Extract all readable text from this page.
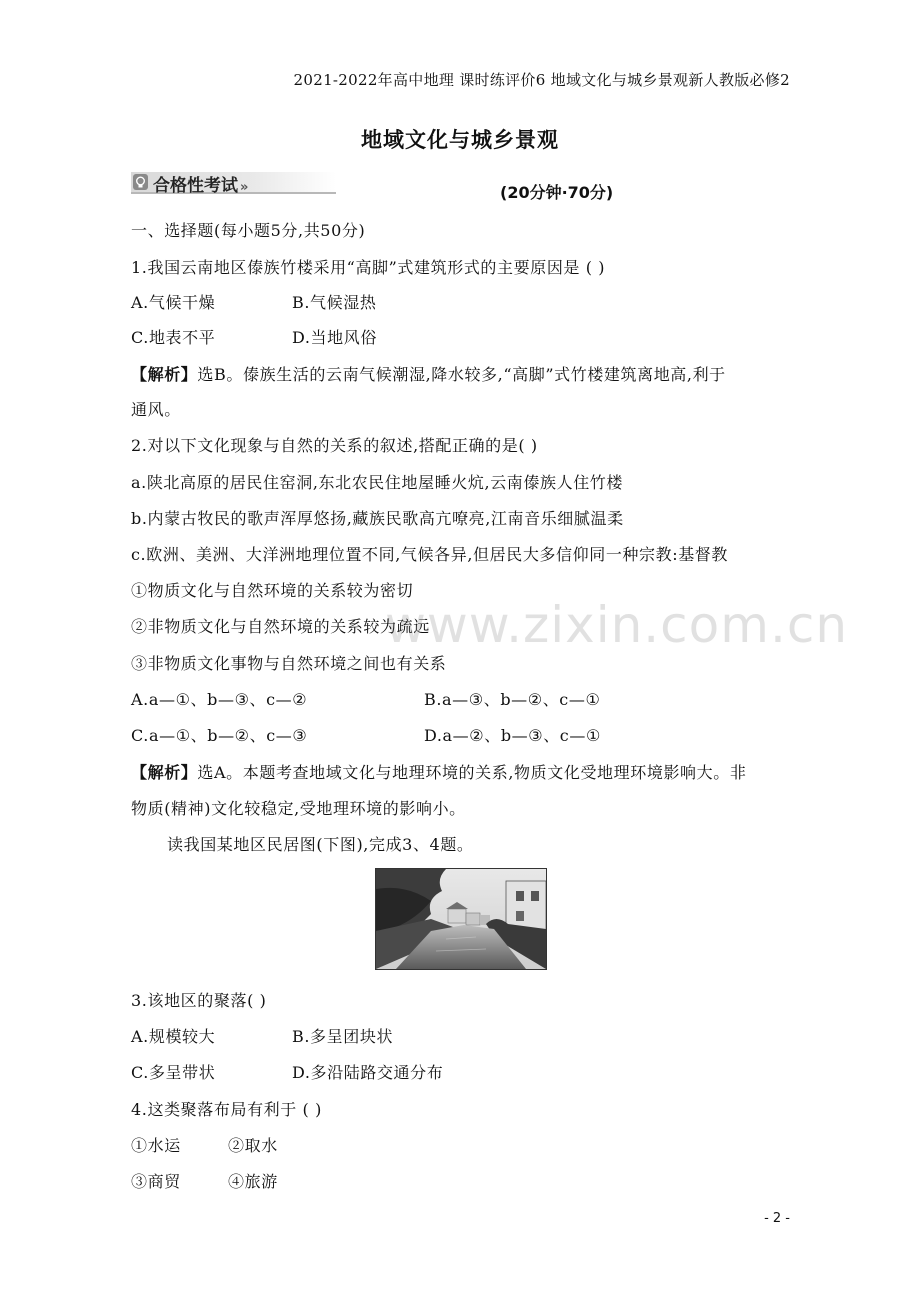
2021-2022年高中地理 课时练评价6 地域文化与城乡景观新人教版必修2
地域文化与城乡景观
合格性考试 »	(20分钟·70分)
一、选择题(每小题5分,共50分)
1.我国云南地区傣族竹楼采用“高脚”式建筑形式的主要原因是 ( )
A.气候干燥	B.气候湿热
C.地表不平	D.当地风俗
【解析】选B。傣族生活的云南气候潮湿,降水较多,“高脚”式竹楼建筑离地高,利于
通风。
2.对以下文化现象与自然的关系的叙述,搭配正确的是( )
a.陕北高原的居民住窑洞,东北农民住地屋睡火炕,云南傣族人住竹楼
b.内蒙古牧民的歌声浑厚悠扬,藏族民歌高亢嘹亮,江南音乐细腻温柔
c.欧洲、美洲、大洋洲地理位置不同,气候各异,但居民大多信仰同一种宗教:基督教
①物质文化与自然环境的关系较为密切
②非物质文化与自然环境的关系较为疏远
③非物质文化事物与自然环境之间也有关系
A.a—①、b—③、c—②	B.a—③、b—②、c—①
C.a—①、b—②、c—③	D.a—②、b—③、c—①
【解析】选A。本题考查地域文化与地理环境的关系,物质文化受地理环境影响大。非
物质(精神)文化较稳定,受地理环境的影响小。
读我国某地区民居图(下图),完成3、4题。
3.该地区的聚落( )
A.规模较大	B.多呈团块状
C.多呈带状	D.多沿陆路交通分布
4.这类聚落布局有利于 ( )
①水运	②取水
③商贸	④旅游
www.zixin.com.cn
- 2 -
